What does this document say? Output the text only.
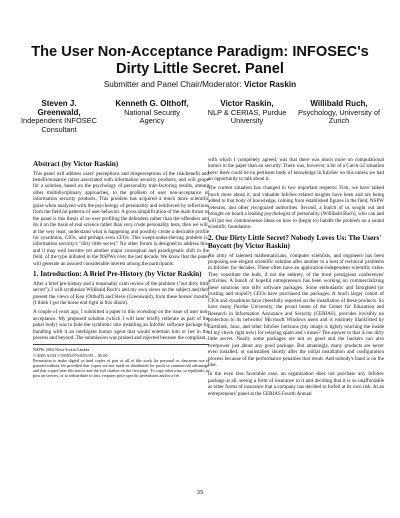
The User Non-Acceptance Paradigm: INFOSEC's Dirty Little Secret. Panel
Submitter and Panel Chair/Moderator: Victor Raskin
Steven J. Greenwald,
Independent INFOSEC Consultant
Kenneth G. Olthoff,
National Security Agency
Victor Raskin,
NLP & CERIAS, Purdue University
Willibald Ruch,
Psychology, University of Zurich
Abstract (by Victor Raskin)
This panel will address users' perceptions and misperceptions of the risk/benefit and benefit/nuisance ratios associated with information security products, and will grope for a solution, based on the psychology of personality trait-factoring results, among other multidisciplinary approaches, to the problem of user non-acceptance of information security products. This problem has acquired a much more scientific guise when analyzed with the psychology of personality and reinforced by reflections from the field on patterns of user behavior. A gross simplification of the main thrust of the panel is this thesis of no user profiling the defenders rather than the offenders and do it on the basis of real science rather than very crude personality tests, then we will, at the very least, understand what is happening and possibly create a desirable profile for sysadmins, CIOs, and perhaps even CFOs. This swept-under-the-rug problem is: information security's "dirty little secret." No other forum is designed to address this, and it may well become yet another major conceptual and paradigmatic shift in the field, of the type initiated in the NSPWs over the last decade. We know that the panel will generate an assured considerable interest among the participants.
1. Introduction: A Brief Pre-History (by Victor Raskin)
After a brief pre-history and a reasonably calm review of the problem ("our dirty little secret"), I will synthesize Willibald Ruch's and my own views on the subject and then present the views of Ken (Olthoff) and Steve (Greenwald), from these horses' mouths (I think I got the horse end right in this idiom).
A couple of years ago, I submitted a paper to this workshop on the issue of user non-acceptance. My proposed solution (which I will later briefly reiterate as part of the panel body) was to hide the symbiotic into installing an InfoSec software package by bundling with it an intelligent humor agent that would entertain him or her in the process and beyond. The submission was praised and rejected because the compliant,
NSPW 2004 Nova Scotia Canada
© 2005 ACM 1-59593-076-0/05/09 ... $5.00
Permission to make digital or hard copies of part or all of this work for personal or classroom use is granted without fee provided that copies are not made or distributed for profit or commercial advantage and that copies bear this notice and the full citation on the first page. To copy otherwise, to republish, to post on servers, or to redistribute to lists, requires prior specific permission and/or a fee.
with which I completely agreed, was that there was much more on computational humor in the paper than on security. There was, however, a bit of a Catch-22 situation here: there could be no pertinent body of knowledge in InfoSec on this unless we had an opportunity to talk about it.
The current situation has changed in two important respects: First, we have talked much more about it, and valuable InfoSec-related insights have been and are being added to that body of knowledge, coming from established figures in the field, NSPW veterans, and other recognized authorities. Second, a bunch of us sought out and brought on board a leading psychologist of personality (Willibald Ruch), who can and will put our commonsense ideas on how to (begin to) handle the problem on a sound scientific foundation.
2. Our Dirty Little Secret? Nobody Loves Us: The Users' Boycott (by Victor Raskin)
An army of talented mathematicians, computer scientists, and engineers has been proposing one elegant scientific solution after another to a host of technical problems in InfoSec for decades. These often have an application-independent scientific value. They constitute the bulk, if not the entirety, of the most prestigious conferences' activities. A bunch of hopeful entrepreneurs has been working on commercializing these solutions into nifty software packages. Some enthusiastic and farsighted (or trusting and stupid?) CEOs have purchased the packages. A much larger cohort of CIOs and sysadmins have cheerfully reported on the installation of these products. So have many Purdue University, the proud home of the Center for Education and Research in Information Assurance and Security (CERIAS), provides invisibly no protection to its networks' Microsoft Windows users and is routinely blacklisted by Earthlink, Juno, and other InfoSec horizons (my image is lightly touching the inside of my check right now) for relaying spam and viruses? The answer to that is our dirty little secret. Nearly some packages are not so good and the hackers can also overpower just about any good package. But amazingly, many products are never even installed, or uninstalled shortly after the initial installation and configuration process because of the performance penalties that result. And nobody's hand is on the line.
In the even less favorable case, an organization does not purchase any InfoSec package at all, seeing a form of insurance in it and deciding that it is so unaffordable as other forms of insurance that a company has decided to forfeit at its own risk. At an entrepreneurs' panel at the CERIAS Fourth Annual
35
